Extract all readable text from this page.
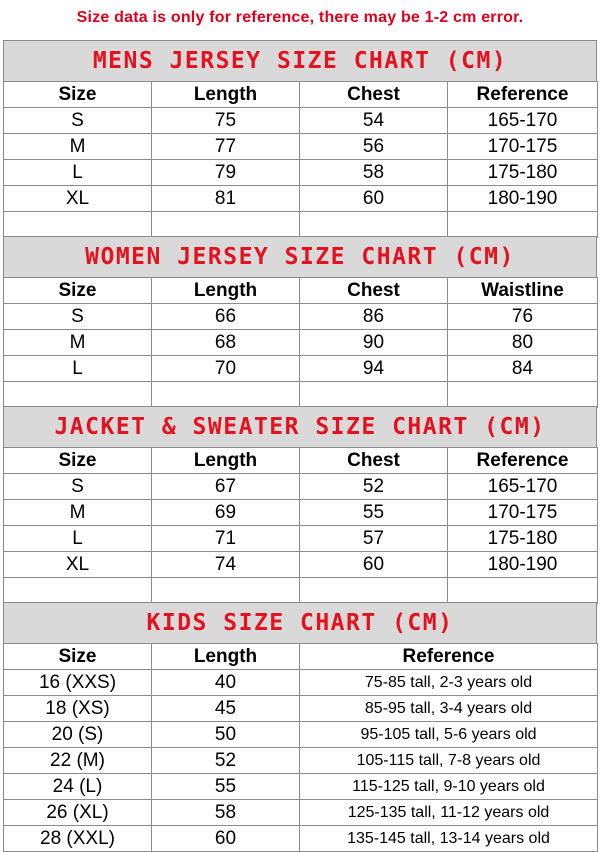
Size data is only for reference, there may be 1-2 cm error.
MENS JERSEY SIZE CHART (CM)
Size	Length	Chest	Reference
S	75	54	165-170
M	77	56	170-175
L	79	58	175-180
XL	81	60	180-190

WOMEN JERSEY SIZE CHART (CM)
Size	Length	Chest	Waistline
S	66	86	76
M	68	90	80
L	70	94	84

JACKET & SWEATER SIZE CHART (CM)
Size	Length	Chest	Reference
S	67	52	165-170
M	69	55	170-175
L	71	57	175-180
XL	74	60	180-190

KIDS SIZE CHART (CM)
Size	Length	Reference
16 (XXS)	40	75-85 tall, 2-3 years old
18 (XS)	45	85-95 tall, 3-4 years old
20 (S)	50	95-105 tall, 5-6 years old
22 (M)	52	105-115 tall, 7-8 years old
24 (L)	55	115-125 tall, 9-10 years old
26 (XL)	58	125-135 tall, 11-12 years old
28 (XXL)	60	135-145 tall, 13-14 years old
